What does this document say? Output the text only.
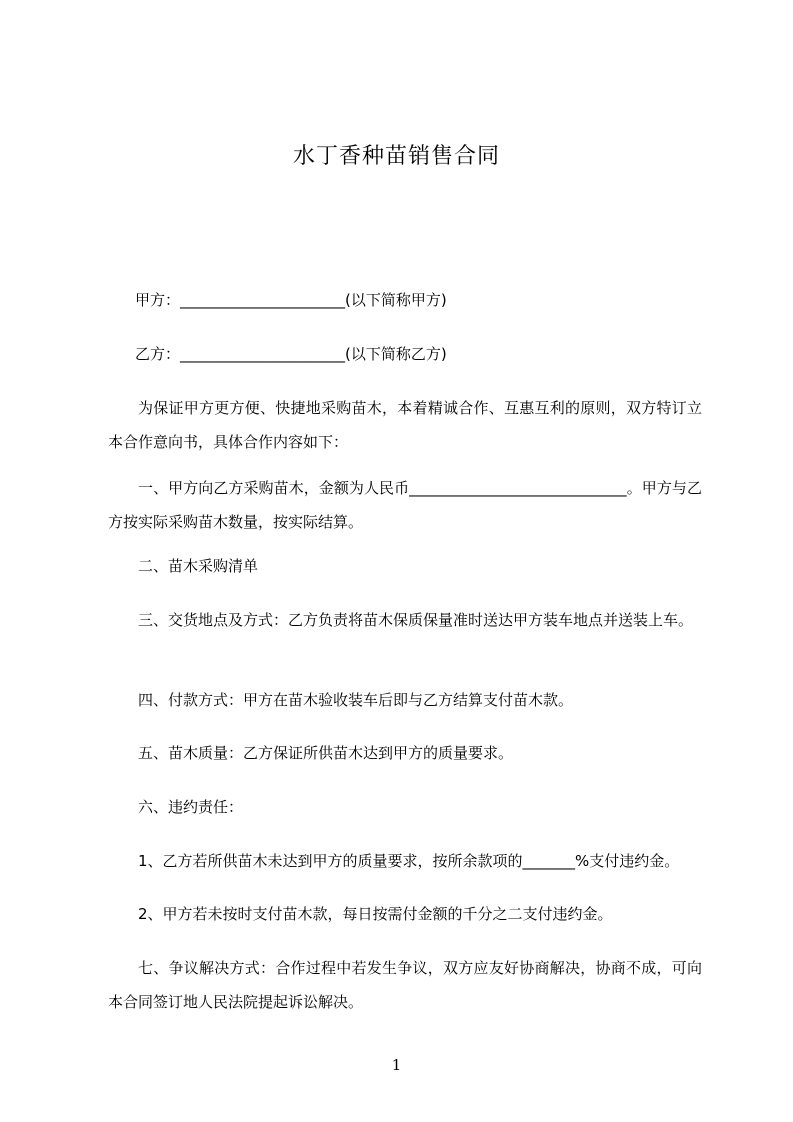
水丁香种苗销售合同
甲方：______________________(以下简称甲方)
乙方：______________________(以下简称乙方)
为保证甲方更方便、快捷地采购苗木，本着精诚合作、互惠互利的原则，双方特订立本合作意向书，具体合作内容如下：
一、甲方向乙方采购苗木，金额为人民币_____________________________。甲方与乙方按实际采购苗木数量，按实际结算。
二、苗木采购清单
三、交货地点及方式：乙方负责将苗木保质保量准时送达甲方装车地点并送装上车。
四、付款方式：甲方在苗木验收装车后即与乙方结算支付苗木款。
五、苗木质量：乙方保证所供苗木达到甲方的质量要求。
六、违约责任：
1、乙方若所供苗木未达到甲方的质量要求，按所余款项的_______%支付违约金。
2、甲方若未按时支付苗木款，每日按需付金额的千分之二支付违约金。
七、争议解决方式：合作过程中若发生争议，双方应友好协商解决，协商不成，可向本合同签订地人民法院提起诉讼解决。
1
